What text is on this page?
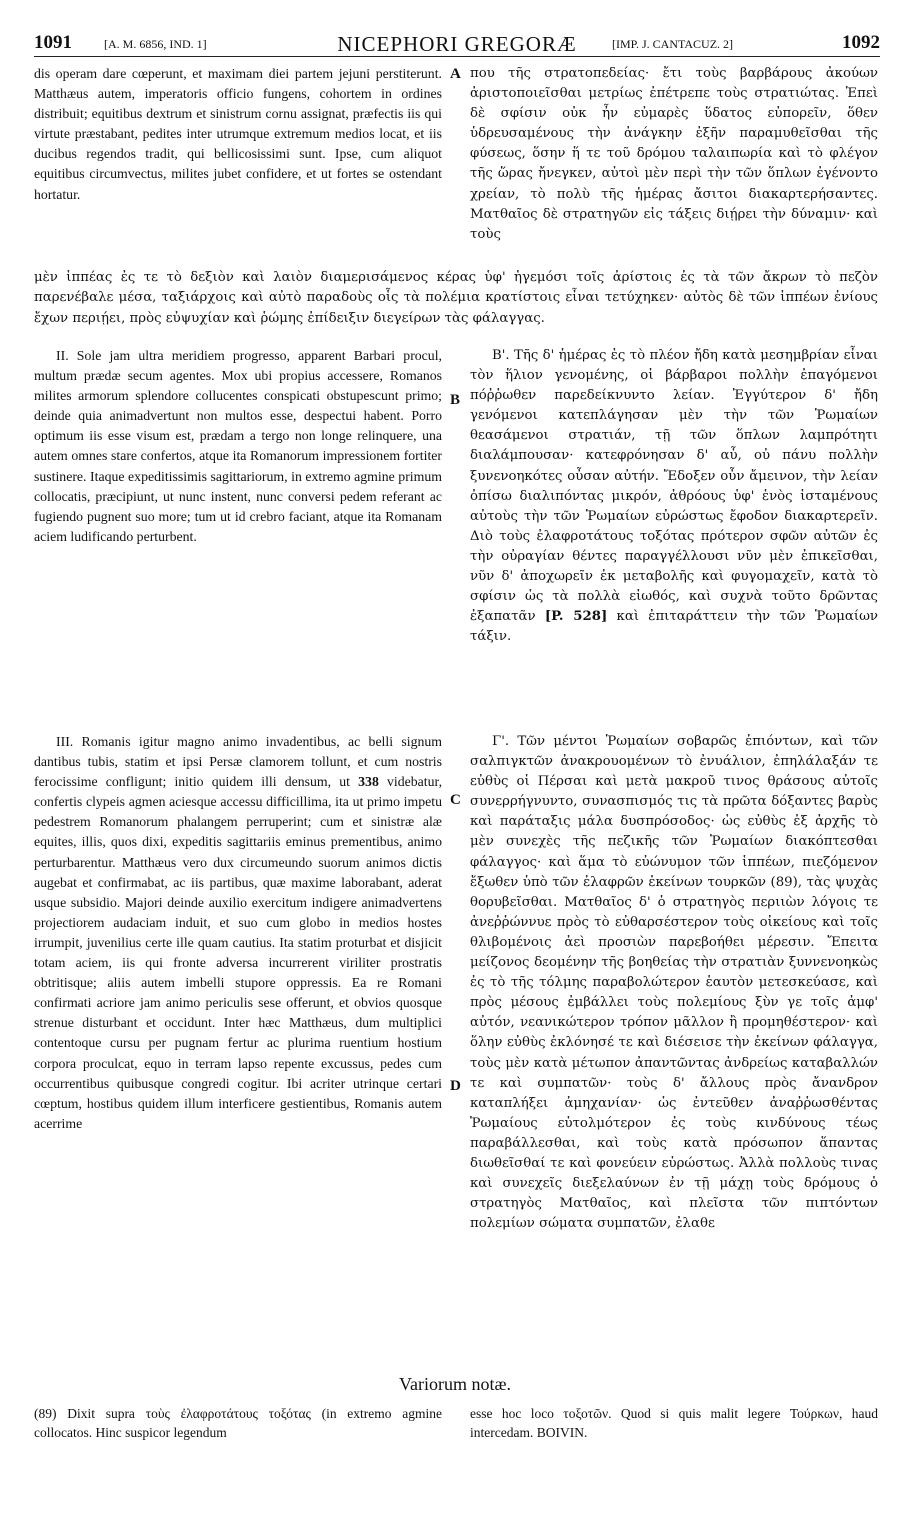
1091	[A. M. 6856, IND. 1]	NICEPHORI GREGORÆ	[IMP. J. CANTACUZ. 2]	1092

dis operam dare cœperunt, et maximam diei partem jejuni perstiterunt. Matthæus autem, imperatoris officio fungens, cohortem in ordines distribuit; equitibus dextrum et sinistrum cornu assignat, præfectis iis qui virtute præstabant, pedites inter utrumque extremum medios locat, et iis ducibus regendos tradit, qui bellicosissimi sunt. Ipse, cum aliquot equitibus circumvectus, milites jubet confidere, et ut fortes se ostendant hortatur.

A που τῆς στρατοπεδείας· ἔτι τοὺς βαρβάρους ἀκούων ἀριστοποιεῖσθαι μετρίως ἐπέτρεπε τοὺς στρατιώτας. Ἐπεὶ δὲ σφίσιν οὐκ ἦν εὐμαρὲς ὕδατος εὐπορεῖν, ὅθεν ὑδρευσαμένους τὴν ἀνάγκην ἐξῆν παραμυθεῖσθαι τῆς φύσεως, ὅσην ἥ τε τοῦ δρόμου ταλαιπωρία καὶ τὸ φλέγον τῆς ὥρας ἤνεγκεν, αὐτοὶ μὲν περὶ τὴν τῶν ὅπλων ἐγένοντο χρείαν, τὸ πολὺ τῆς ἡμέρας ἄσιτοι διακαρτερήσαντες. Ματθαῖος δὲ στρατηγῶν εἰς τάξεις διῄρει τὴν δύναμιν· καὶ τοὺς

μὲν ἱππέας ἐς τε τὸ δεξιὸν καὶ λαιὸν διαμερισάμενος κέρας ὑφ' ἡγεμόσι τοῖς ἀρίστοις ἐς τὰ τῶν ἄκρων τὸ πεζὸν παρενέβαλε μέσα, ταξιάρχοις καὶ αὐτὸ παραδοὺς οἷς τὰ πολέμια κρατίστοις εἶναι τετύχηκεν· αὐτὸς δὲ τῶν ἱππέων ἐνίους ἔχων περιῄει, πρὸς εὐψυχίαν καὶ ῥώμης ἐπίδειξιν διεγείρων τὰς φάλαγγας.

II. Sole jam ultra meridiem progresso, apparent Barbari procul, multum prædæ secum agentes. Mox ubi propius accessere, Romanos milites armorum splendore collucentes conspicati obstupescunt primo; deinde quia animadvertunt non multos esse, despectui habent. Porro optimum iis esse visum est, prædam a tergo non longe relinquere, una autem omnes stare confertos, atque ita Romanorum impressionem fortiter sustinere. Itaque expeditissimis sagittariorum, in extremo agmine primum collocatis, præcipiunt, ut nunc instent, nunc conversi pedem referant ac fugiendo pugnent suo more; tum ut id crebro faciant, atque ita Romanam aciem ludificando perturbent.

B

Β'. Τῆς δ' ἡμέρας ἐς τὸ πλέον ἤδη κατὰ μεσημβρίαν εἶναι τὸν ἥλιον γενομένης, οἱ βάρβαροι πολλὴν ἐπαγόμενοι πόῤῥωθεν παρεδείκνυντο λείαν. Ἐγγύτερον δ' ἤδη γενόμενοι κατεπλάγησαν μὲν τὴν τῶν Ῥωμαίων θεασάμενοι στρατιάν, τῇ τῶν ὅπλων λαμπρότητι διαλάμπουσαν· κατεφρόνησαν δ' αὖ, οὐ πάνυ πολλὴν ξυνενοηκότες οὖσαν αὐτήν. Ἔδοξεν οὖν ἄμεινον, τὴν λείαν ὀπίσω διαλιπόντας μικρόν, ἀθρόους ὑφ' ἑνὸς ἱσταμένους αὐτοὺς τὴν τῶν Ῥωμαίων εὐρώστως ἔφοδον διακαρτερεῖν. Διὸ τοὺς ἐλαφροτάτους τοξότας πρότερον σφῶν αὐτῶν ἐς τὴν οὐραγίαν θέντες παραγγέλλουσι νῦν μὲν ἐπικεῖσθαι, νῦν δ' ἀποχωρεῖν ἐκ μεταβολῆς καὶ φυγομαχεῖν, κατὰ τὸ σφίσιν ὡς τὰ πολλὰ εἰωθός, καὶ συχνὰ τοῦτο δρῶντας ἐξαπατᾶν [P. 528] καὶ ἐπιταράττειν τὴν τῶν Ῥωμαίων τάξιν.

III. Romanis igitur magno animo invadentibus, ac belli signum dantibus tubis, statim et ipsi Persæ clamorem tollunt, et cum nostris ferocissime confligunt; initio quidem illi densum, ut 338 videbatur, confertis clypeis agmen aciesque accessu difficillima, ita ut primo impetu pedestrem Romanorum phalangem perruperint; cum et sinistræ alæ equites, illis, quos dixi, expeditis sagittariis eminus prementibus, animo perturbarentur. Matthæus vero dux circumeundo suorum animos dictis augebat et confirmabat, ac iis partibus, quæ maxime laborabant, aderat usque subsidio. Majori deinde auxilio exercitum indigere animadvertens projectiorem audaciam induit, et suo cum globo in medios hostes irrumpit, juvenilius certe ille quam cautius. Ita statim proturbat et disjicit totam aciem, iis qui fronte adversa incurrerent viriliter prostratis obtritisque; aliis autem imbelli stupore oppressis. Ea re Romani confirmati acriore jam animo periculis sese offerunt, et obvios quosque strenue disturbant et occidunt. Inter hæc Matthæus, dum multiplici contentoque cursu per pugnam fertur ac plurima ruentium hostium corpora proculcat, equo in terram lapso repente excussus, pedes cum occurrentibus quibusque congredi cogitur. Ibi acriter utrinque certari cœptum, hostibus quidem illum interficere gestientibus, Romanis autem acerrime

C
D

Γ'. Τῶν μέντοι Ῥωμαίων σοβαρῶς ἐπιόντων, καὶ τῶν σαλπιγκτῶν ἀνακρουομένων τὸ ἐνυάλιον, ἐπηλάλαξάν τε εὐθὺς οἱ Πέρσαι καὶ μετὰ μακροῦ τινος θράσους αὐτοῖς συνερρήγνυντο, συνασπισμός τις τὰ πρῶτα δόξαντες βαρὺς καὶ παράταξις μάλα δυσπρόσοδος· ὡς εὐθὺς ἐξ ἀρχῆς τὸ μὲν συνεχὲς τῆς πεζικῆς τῶν Ῥωμαίων διακόπτεσθαι φάλαγγος· καὶ ἅμα τὸ εὐώνυμον τῶν ἱππέων, πιεζόμενον ἔξωθεν ὑπὸ τῶν ἐλαφρῶν ἐκείνων τουρκῶν (89), τὰς ψυχὰς θορυβεῖσθαι. Ματθαῖος δ' ὁ στρατηγὸς περιιὼν λόγοις τε ἀνεῤῥώννυε πρὸς τὸ εὐθαρσέστερον τοὺς οἰκείους καὶ τοῖς θλιβομένοις ἀεὶ προσιὼν παρεβοήθει μέρεσιν. Ἔπειτα μείζονος δεομένην τῆς βοηθείας τὴν στρατιὰν ξυννενοηκὼς ἐς τὸ τῆς τόλμης παραβολώτερον ἑαυτὸν μετεσκεύασε, καὶ πρὸς μέσους ἐμβάλλει τοὺς πολεμίους ξὺν γε τοῖς ἀμφ' αὐτόν, νεανικώτερον τρόπον μᾶλλον ἢ προμηθέστερον· καὶ ὅλην εὐθὺς ἐκλόνησέ τε καὶ διέσεισε τὴν ἐκείνων φάλαγγα, τοὺς μὲν κατὰ μέτωπον ἀπαντῶντας ἀνδρείως καταβαλλών τε καὶ συμπατῶν· τοὺς δ' ἄλλους πρὸς ἄνανδρον καταπλήξει ἀμηχανίαν· ὡς ἐντεῦθεν ἀναῤῥωσθέντας Ῥωμαίους εὐτολμότερον ἐς τοὺς κινδύνους τέως παραβάλλεσθαι, καὶ τοὺς κατὰ πρόσωπον ἅπαντας διωθεῖσθαί τε καὶ φονεύειν εὐρώστως. Ἀλλὰ πολλοὺς τινας καὶ συνεχεῖς διεξελαύνων ἐν τῇ μάχῃ τοὺς δρόμους ὁ στρατηγὸς Ματθαῖος, καὶ πλεῖστα τῶν πιπτόντων πολεμίων σώματα συμπατῶν, ἐλαθε

Variorum notæ.
(89) Dixit supra τοὺς ἐλαφροτάτους τοξότας (in extremo agmine collocatos. Hinc suspicor legendum
esse hoc loco τοξοτῶν. Quod si quis malit legere Τούρκων, haud intercedam. BOIVIN.
